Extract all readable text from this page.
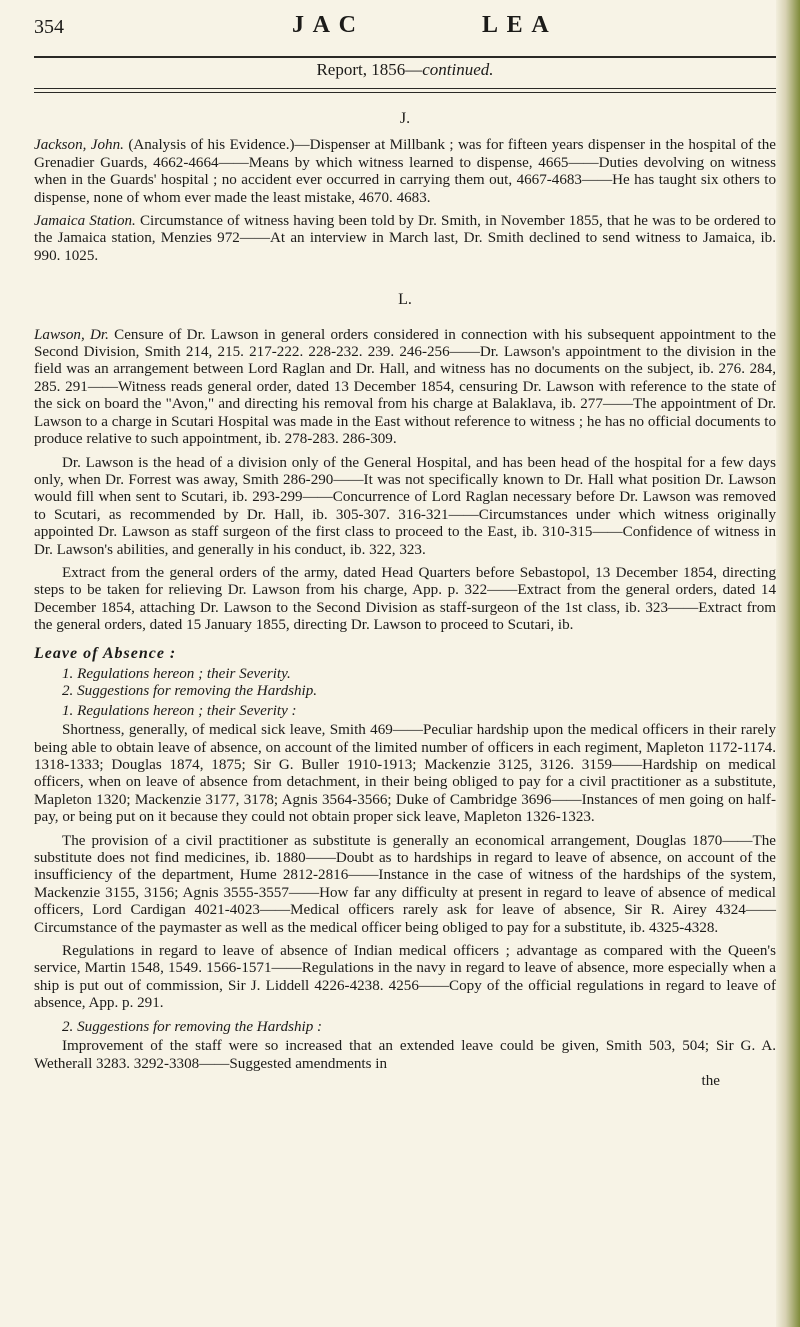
354	J A C	L E A
Report, 1856—continued.
J.

Jackson, John. (Analysis of his Evidence.)—Dispenser at Millbank ; was for fifteen years dispenser in the hospital of the Grenadier Guards, 4662-4664——Means by which witness learned to dispense, 4665——Duties devolving on witness when in the Guards' hospital ; no accident ever occurred in carrying them out, 4667-4683——He has taught six others to dispense, none of whom ever made the least mistake, 4670. 4683.

Jamaica Station. Circumstance of witness having been told by Dr. Smith, in November 1855, that he was to be ordered to the Jamaica station, Menzies 972——At an interview in March last, Dr. Smith declined to send witness to Jamaica, ib. 990. 1025.

L.

Lawson, Dr. Censure of Dr. Lawson in general orders considered in connection with his subsequent appointment to the Second Division, Smith 214, 215. 217-222. 228-232. 239. 246-256——Dr. Lawson's appointment to the division in the field was an arrangement between Lord Raglan and Dr. Hall, and witness has no documents on the subject, ib. 276. 284, 285. 291——Witness reads general order, dated 13 December 1854, censuring Dr. Lawson with reference to the state of the sick on board the "Avon," and directing his removal from his charge at Balaklava, ib. 277——The appointment of Dr. Lawson to a charge in Scutari Hospital was made in the East without reference to witness ; he has no official documents to produce relative to such appointment, ib. 278-283. 286-309.

Dr. Lawson is the head of a division only of the General Hospital, and has been head of the hospital for a few days only, when Dr. Forrest was away, Smith 286-290——It was not specifically known to Dr. Hall what position Dr. Lawson would fill when sent to Scutari, ib. 293-299——Concurrence of Lord Raglan necessary before Dr. Lawson was removed to Scutari, as recommended by Dr. Hall, ib. 305-307. 316-321——Circumstances under which witness originally appointed Dr. Lawson as staff surgeon of the first class to proceed to the East, ib. 310-315——Confidence of witness in Dr. Lawson's abilities, and generally in his conduct, ib. 322, 323.

Extract from the general orders of the army, dated Head Quarters before Sebastopol, 13 December 1854, directing steps to be taken for relieving Dr. Lawson from his charge, App. p. 322——Extract from the general orders, dated 14 December 1854, attaching Dr. Lawson to the Second Division as staff-surgeon of the 1st class, ib. 323——Extract from the general orders, dated 15 January 1855, directing Dr. Lawson to proceed to Scutari, ib.

Leave of Absence :
1. Regulations hereon ; their Severity.
2. Suggestions for removing the Hardship.
1. Regulations hereon ; their Severity :

Shortness, generally, of medical sick leave, Smith 469——Peculiar hardship upon the medical officers in their rarely being able to obtain leave of absence, on account of the limited number of officers in each regiment, Mapleton 1172-1174. 1318-1333; Douglas 1874, 1875; Sir G. Buller 1910-1913; Mackenzie 3125, 3126. 3159——Hardship on medical officers, when on leave of absence from detachment, in their being obliged to pay for a civil practitioner as a substitute, Mapleton 1320; Mackenzie 3177, 3178; Agnis 3564-3566; Duke of Cambridge 3696——Instances of men going on half-pay, or being put on it because they could not obtain proper sick leave, Mapleton 1326-1323.

The provision of a civil practitioner as substitute is generally an economical arrangement, Douglas 1870——The substitute does not find medicines, ib. 1880——Doubt as to hardships in regard to leave of absence, on account of the insufficiency of the department, Hume 2812-2816——Instance in the case of witness of the hardships of the system, Mackenzie 3155, 3156; Agnis 3555-3557——How far any difficulty at present in regard to leave of absence of medical officers, Lord Cardigan 4021-4023——Medical officers rarely ask for leave of absence, Sir R. Airey 4324——Circumstance of the paymaster as well as the medical officer being obliged to pay for a substitute, ib. 4325-4328.

Regulations in regard to leave of absence of Indian medical officers ; advantage as compared with the Queen's service, Martin 1548, 1549. 1566-1571——Regulations in the navy in regard to leave of absence, more especially when a ship is put out of commission, Sir J. Liddell 4226-4238. 4256——Copy of the official regulations in regard to leave of absence, App. p. 291.

2. Suggestions for removing the Hardship :

Improvement of the staff were so increased that an extended leave could be given, Smith 503, 504; Sir G. A. Wetherall 3283. 3292-3308——Suggested amendments in

the
